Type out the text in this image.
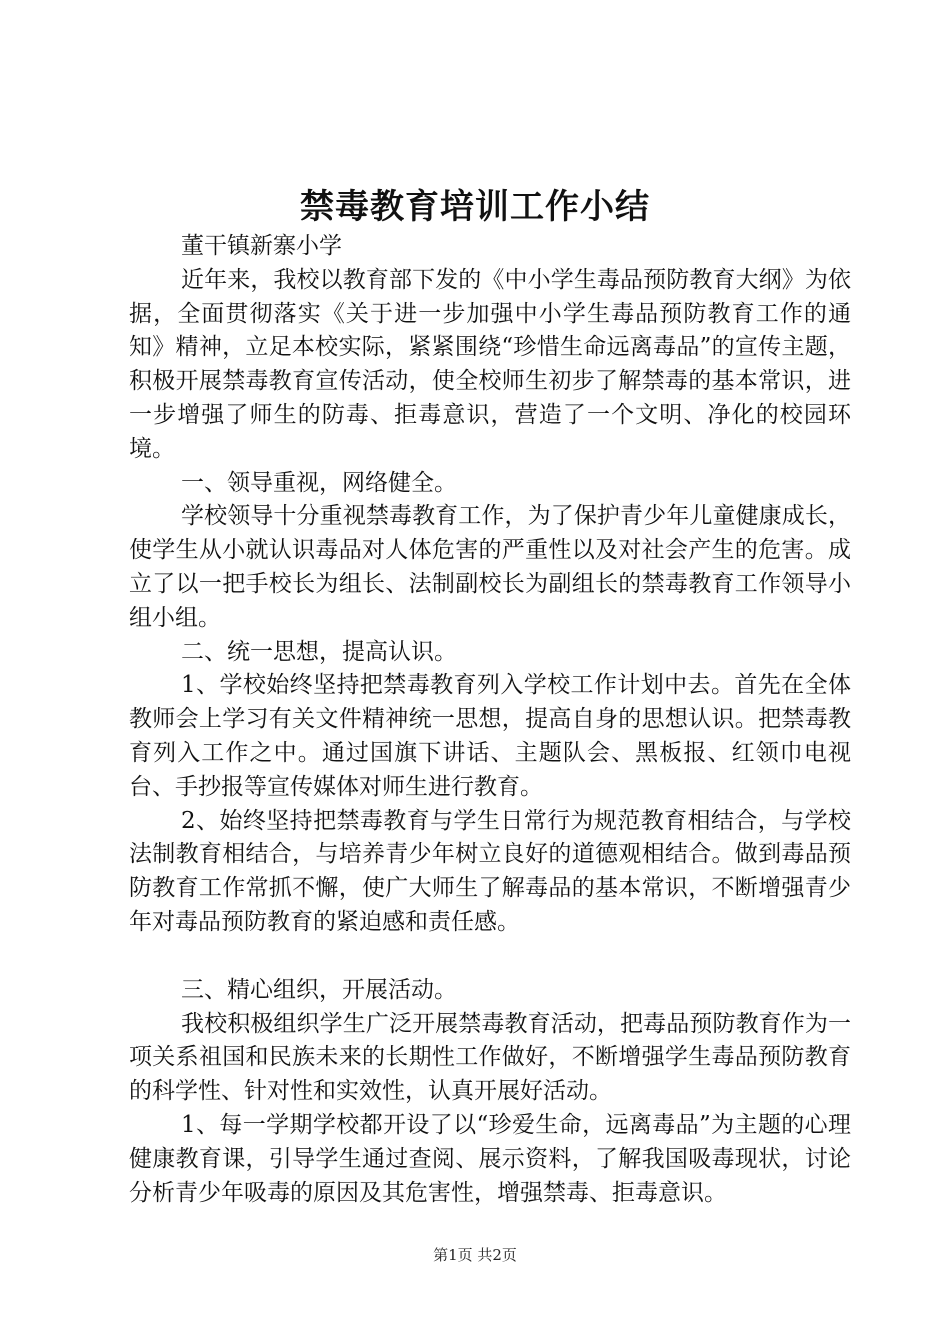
禁毒教育培训工作小结

董干镇新寨小学

近年来，我校以教育部下发的《中小学生毒品预防教育大纲》为依据，全面贯彻落实《关于进一步加强中小学生毒品预防教育工作的通知》精神，立足本校实际，紧紧围绕“珍惜生命远离毒品”的宣传主题，积极开展禁毒教育宣传活动，使全校师生初步了解禁毒的基本常识，进一步增强了师生的防毒、拒毒意识，营造了一个文明、净化的校园环境。

一、领导重视，网络健全。

学校领导十分重视禁毒教育工作，为了保护青少年儿童健康成长，使学生从小就认识毒品对人体危害的严重性以及对社会产生的危害。成立了以一把手校长为组长、法制副校长为副组长的禁毒教育工作领导小组小组。

二、统一思想，提高认识。

1、学校始终坚持把禁毒教育列入学校工作计划中去。首先在全体教师会上学习有关文件精神统一思想，提高自身的思想认识。把禁毒教育列入工作之中。通过国旗下讲话、主题队会、黑板报、红领巾电视台、手抄报等宣传媒体对师生进行教育。

2、始终坚持把禁毒教育与学生日常行为规范教育相结合，与学校法制教育相结合，与培养青少年树立良好的道德观相结合。做到毒品预防教育工作常抓不懈，使广大师生了解毒品的基本常识，不断增强青少年对毒品预防教育的紧迫感和责任感。

三、精心组织，开展活动。

我校积极组织学生广泛开展禁毒教育活动，把毒品预防教育作为一项关系祖国和民族未来的长期性工作做好，不断增强学生毒品预防教育的科学性、针对性和实效性，认真开展好活动。

1、每一学期学校都开设了以“珍爱生命，远离毒品”为主题的心理健康教育课，引导学生通过查阅、展示资料，了解我国吸毒现状，讨论分析青少年吸毒的原因及其危害性，增强禁毒、拒毒意识。

第1页 共2页
